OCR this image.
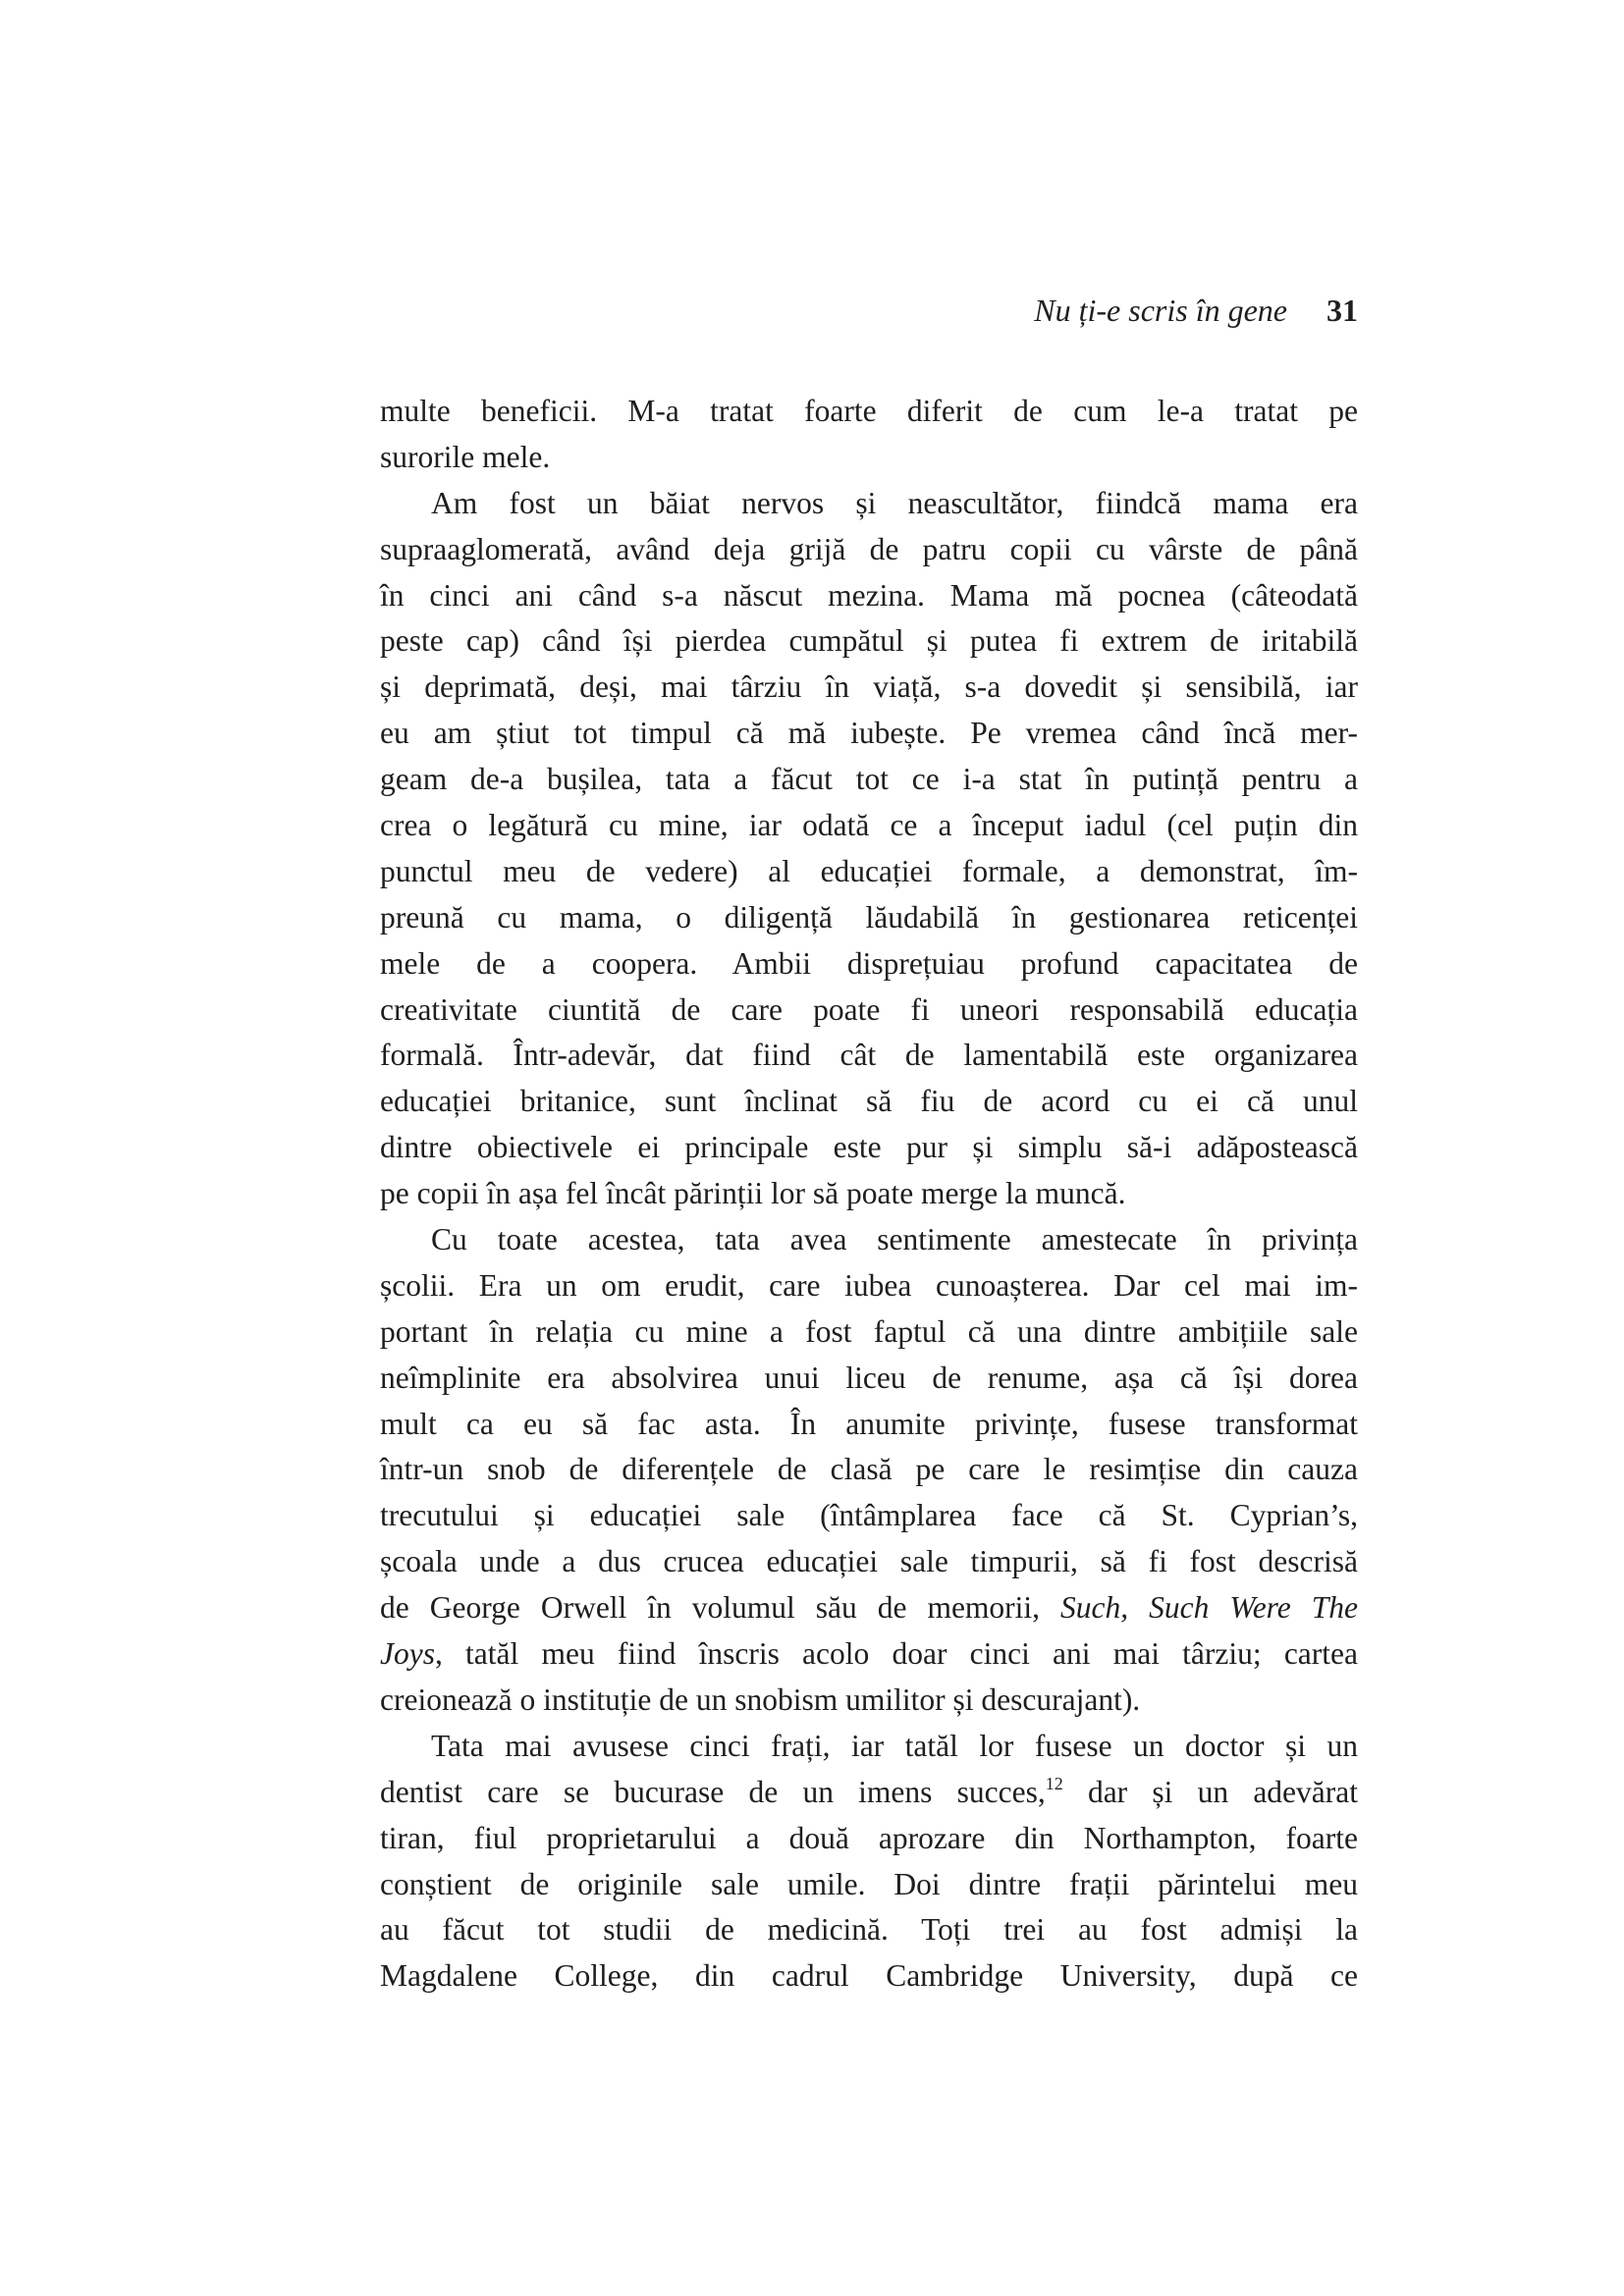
Nu ți-e scris în gene 31
multe beneficii. M-a tratat foarte diferit de cum le-a tratat pe
surorile mele.
Am fost un băiat nervos și neascultător, fiindcă mama era
supraaglomerată, având deja grijă de patru copii cu vârste de până
în cinci ani când s-a născut mezina. Mama mă pocnea (câteodată
peste cap) când își pierdea cumpătul și putea fi extrem de iritabilă
și deprimată, deși, mai târziu în viață, s-a dovedit și sensibilă, iar
eu am știut tot timpul că mă iubește. Pe vremea când încă mer-
geam de-a bușilea, tata a făcut tot ce i-a stat în putință pentru a
crea o legătură cu mine, iar odată ce a început iadul (cel puțin din
punctul meu de vedere) al educației formale, a demonstrat, îm-
preună cu mama, o diligență lăudabilă în gestionarea reticenței
mele de a coopera. Ambii disprețuiau profund capacitatea de
creativitate ciuntită de care poate fi uneori responsabilă educația
formală. Într-adevăr, dat fiind cât de lamentabilă este organizarea
educației britanice, sunt înclinat să fiu de acord cu ei că unul
dintre obiectivele ei principale este pur și simplu să-i adăpostească
pe copii în așa fel încât părinții lor să poate merge la muncă.
Cu toate acestea, tata avea sentimente amestecate în privința
școlii. Era un om erudit, care iubea cunoașterea. Dar cel mai im-
portant în relația cu mine a fost faptul că una dintre ambițiile sale
neîmplinite era absolvirea unui liceu de renume, așa că își dorea
mult ca eu să fac asta. În anumite privințe, fusese transformat
într-un snob de diferențele de clasă pe care le resimțise din cauza
trecutului și educației sale (întâmplarea face că St. Cyprian’s,
școala unde a dus crucea educației sale timpurii, să fi fost descrisă
de George Orwell în volumul său de memorii, Such, Such Were The
Joys, tatăl meu fiind înscris acolo doar cinci ani mai târziu; cartea
creionează o instituție de un snobism umilitor și descurajant).
Tata mai avusese cinci frați, iar tatăl lor fusese un doctor și un
dentist care se bucurase de un imens succes,$^{12}$ dar și un adevărat
tiran, fiul proprietarului a două aprozare din Northampton, foarte
conștient de originile sale umile. Doi dintre frații părintelui meu
au făcut tot studii de medicină. Toți trei au fost admiși la
Magdalene College, din cadrul Cambridge University, după ce
